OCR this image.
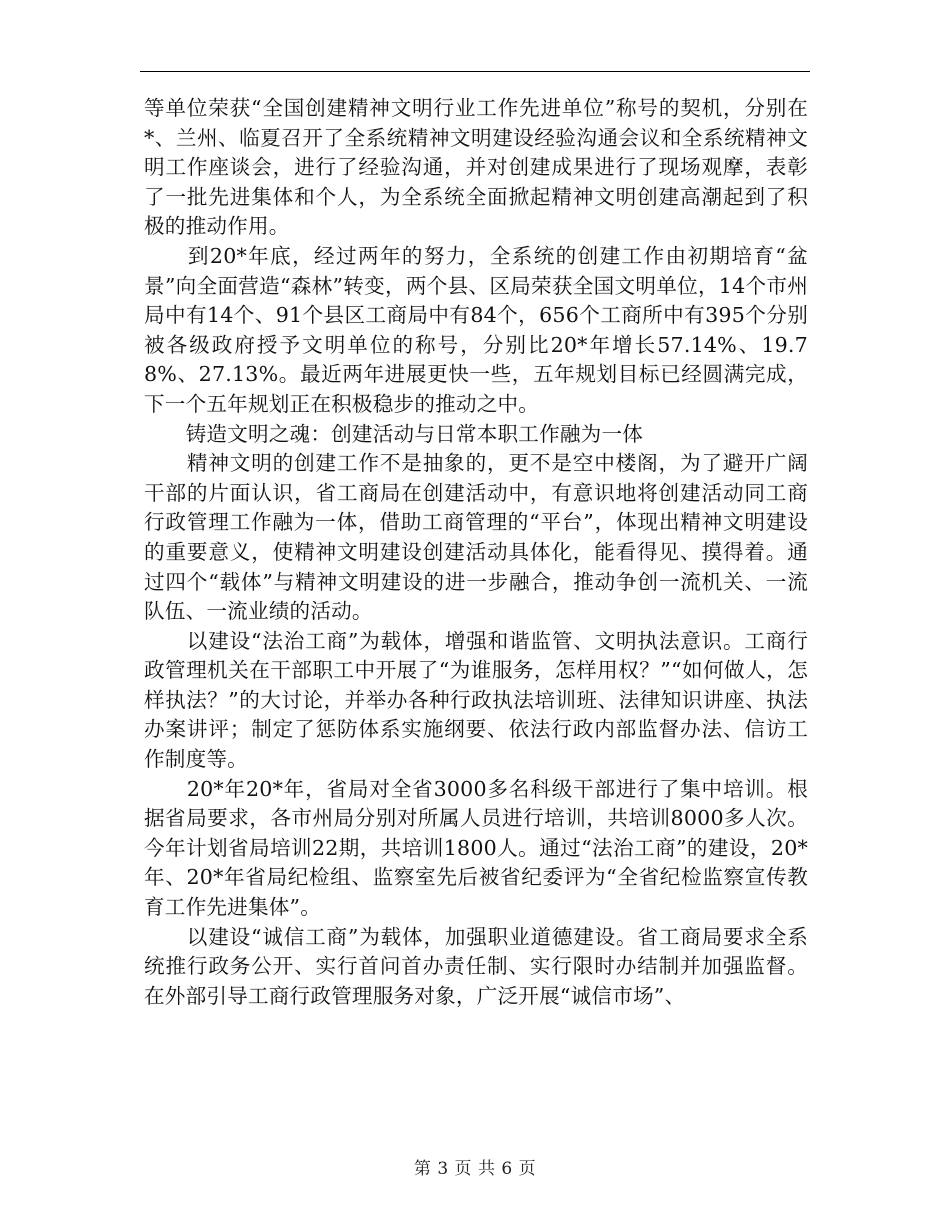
等单位荣获“全国创建精神文明行业工作先进单位”称号的契机，分别在*、兰州、临夏召开了全系统精神文明建设经验沟通会议和全系统精神文明工作座谈会，进行了经验沟通，并对创建成果进行了现场观摩，表彰了一批先进集体和个人，为全系统全面掀起精神文明创建高潮起到了积极的推动作用。

　　到20*年底，经过两年的努力，全系统的创建工作由初期培育“盆景”向全面营造“森林”转变，两个县、区局荣获全国文明单位，14个市州局中有14个、91个县区工商局中有84个，656个工商所中有395个分别被各级政府授予文明单位的称号，分别比20*年增长57.14%、19.78%、27.13%。最近两年进展更快一些，五年规划目标已经圆满完成，下一个五年规划正在积极稳步的推动之中。

　　铸造文明之魂：创建活动与日常本职工作融为一体

　　精神文明的创建工作不是抽象的，更不是空中楼阁，为了避开广阔干部的片面认识，省工商局在创建活动中，有意识地将创建活动同工商行政管理工作融为一体，借助工商管理的“平台”，体现出精神文明建设的重要意义，使精神文明建设创建活动具体化，能看得见、摸得着。通过四个“载体”与精神文明建设的进一步融合，推动争创一流机关、一流队伍、一流业绩的活动。

　　以建设“法治工商”为载体，增强和谐监管、文明执法意识。工商行政管理机关在干部职工中开展了“为谁服务，怎样用权？”“如何做人，怎样执法？”的大讨论，并举办各种行政执法培训班、法律知识讲座、执法办案讲评；制定了惩防体系实施纲要、依法行政内部监督办法、信访工作制度等。

　　20*年20*年，省局对全省3000多名科级干部进行了集中培训。根据省局要求，各市州局分别对所属人员进行培训，共培训8000多人次。今年计划省局培训22期，共培训1800人。通过“法治工商”的建设，20*年、20*年省局纪检组、监察室先后被省纪委评为“全省纪检监察宣传教育工作先进集体”。

　　以建设“诚信工商”为载体，加强职业道德建设。省工商局要求全系统推行政务公开、实行首问首办责任制、实行限时办结制并加强监督。在外部引导工商行政管理服务对象，广泛开展“诚信市场”、

第 3 页 共 6 页
